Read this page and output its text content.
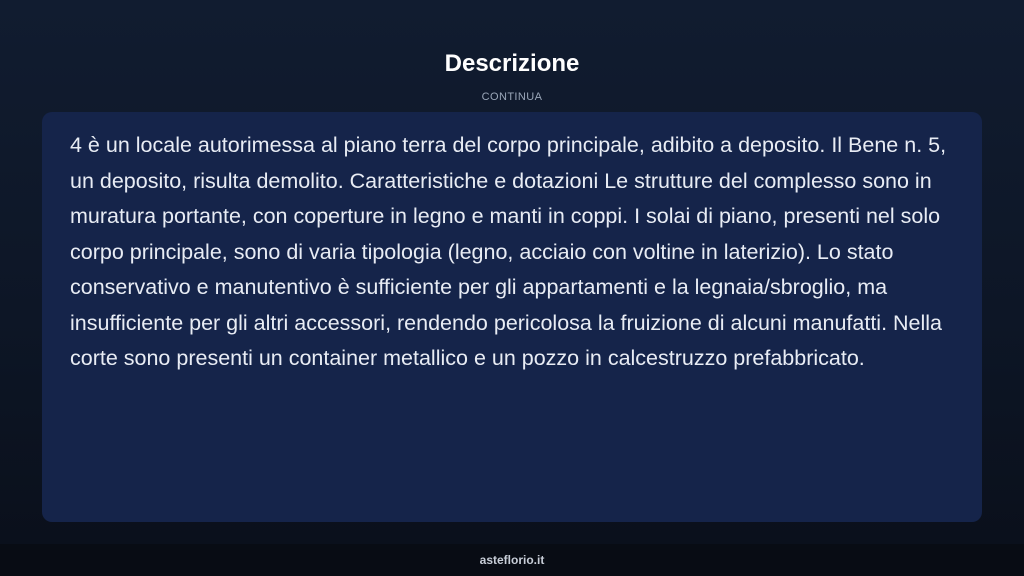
Descrizione
CONTINUA

4 è un locale autorimessa al piano terra del corpo principale, adibito a deposito. Il Bene n. 5, un deposito, risulta demolito. Caratteristiche e dotazioni Le strutture del complesso sono in muratura portante, con coperture in legno e manti in coppi. I solai di piano, presenti nel solo corpo principale, sono di varia tipologia (legno, acciaio con voltine in laterizio). Lo stato conservativo e manutentivo è sufficiente per gli appartamenti e la legnaia/sbroglio, ma insufficiente per gli altri accessori, rendendo pericolosa la fruizione di alcuni manufatti. Nella corte sono presenti un container metallico e un pozzo in calcestruzzo prefabbricato.

asteflorio.it
